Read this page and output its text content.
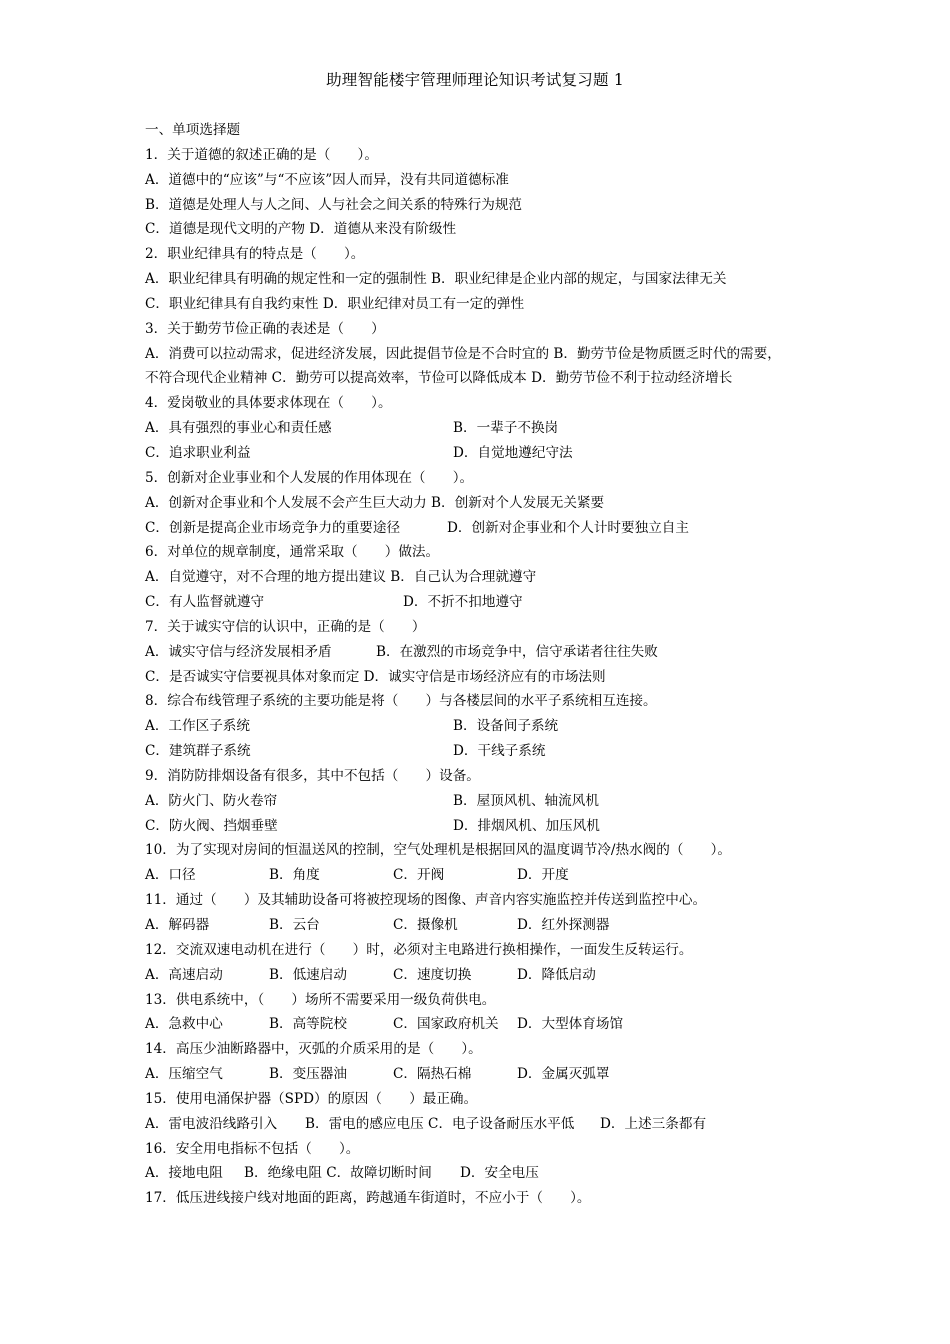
助理智能楼宇管理师理论知识考试复习题 1
一、单项选择题
1．关于道德的叙述正确的是（　　）。
A．道德中的“应该”与“不应该”因人而异，没有共同道德标准
B．道德是处理人与人之间、人与社会之间关系的特殊行为规范
C．道德是现代文明的产物 D．道德从来没有阶级性
2．职业纪律具有的特点是（　　）。
A．职业纪律具有明确的规定性和一定的强制性 B．职业纪律是企业内部的规定，与国家法律无关
C．职业纪律具有自我约束性 D．职业纪律对员工有一定的弹性
3．关于勤劳节俭正确的表述是（　　）
A．消费可以拉动需求，促进经济发展，因此提倡节俭是不合时宜的 B．勤劳节俭是物质匮乏时代的需要，
不符合现代企业精神 C．勤劳可以提高效率，节俭可以降低成本 D．勤劳节俭不利于拉动经济增长
4．爱岗敬业的具体要求体现在（　　）。
A．具有强烈的事业心和责任感	B．一辈子不换岗
C．追求职业利益	D．自觉地遵纪守法
5．创新对企业事业和个人发展的作用体现在（　　）。
A．创新对企事业和个人发展不会产生巨大动力 B．创新对个人发展无关紧要
C．创新是提高企业市场竞争力的重要途径	D．创新对企事业和个人计时要独立自主
6．对单位的规章制度，通常采取（　　）做法。
A．自觉遵守，对不合理的地方提出建议 B．自己认为合理就遵守
C．有人监督就遵守	D．不折不扣地遵守
7．关于诚实守信的认识中，正确的是（　　）
A．诚实守信与经济发展相矛盾	B．在激烈的市场竞争中，信守承诺者往往失败
C．是否诚实守信要视具体对象而定 D．诚实守信是市场经济应有的市场法则
8．综合布线管理子系统的主要功能是将（　　）与各楼层间的水平子系统相互连接。
A．工作区子系统	B．设备间子系统
C．建筑群子系统	D．干线子系统
9．消防防排烟设备有很多，其中不包括（　　）设备。
A．防火门、防火卷帘	B．屋顶风机、轴流风机
C．防火阀、挡烟垂壁	D．排烟风机、加压风机
10．为了实现对房间的恒温送风的控制，空气处理机是根据回风的温度调节冷/热水阀的（　　）。
A．口径	B．角度	C．开阀	D．开度
11．通过（　　）及其辅助设备可将被控现场的图像、声音内容实施监控并传送到监控中心。
A．解码器	B．云台	C．摄像机	D．红外探测器
12．交流双速电动机在进行（　　）时，必须对主电路进行换相操作，一面发生反转运行。
A．高速启动	B．低速启动	C．速度切换	D．降低启动
13．供电系统中，（　　）场所不需要采用一级负荷供电。
A．急救中心	B．高等院校	C．国家政府机关 D．大型体育场馆
14．高压少油断路器中，灭弧的介质采用的是（　　）。
A．压缩空气	B．变压器油	C．隔热石棉	D．金属灭弧罩
15．使用电涌保护器（SPD）的原因（　　）最正确。
A．雷电波沿线路引入 B．雷电的感应电压 C．电子设备耐压水平低 D．上述三条都有
16．安全用电指标不包括（　　）。
A．接地电阻 B．绝缘电阻 C．故障切断时间 D．安全电压
17．低压进线接户线对地面的距离，跨越通车街道时，不应小于（　　）。
